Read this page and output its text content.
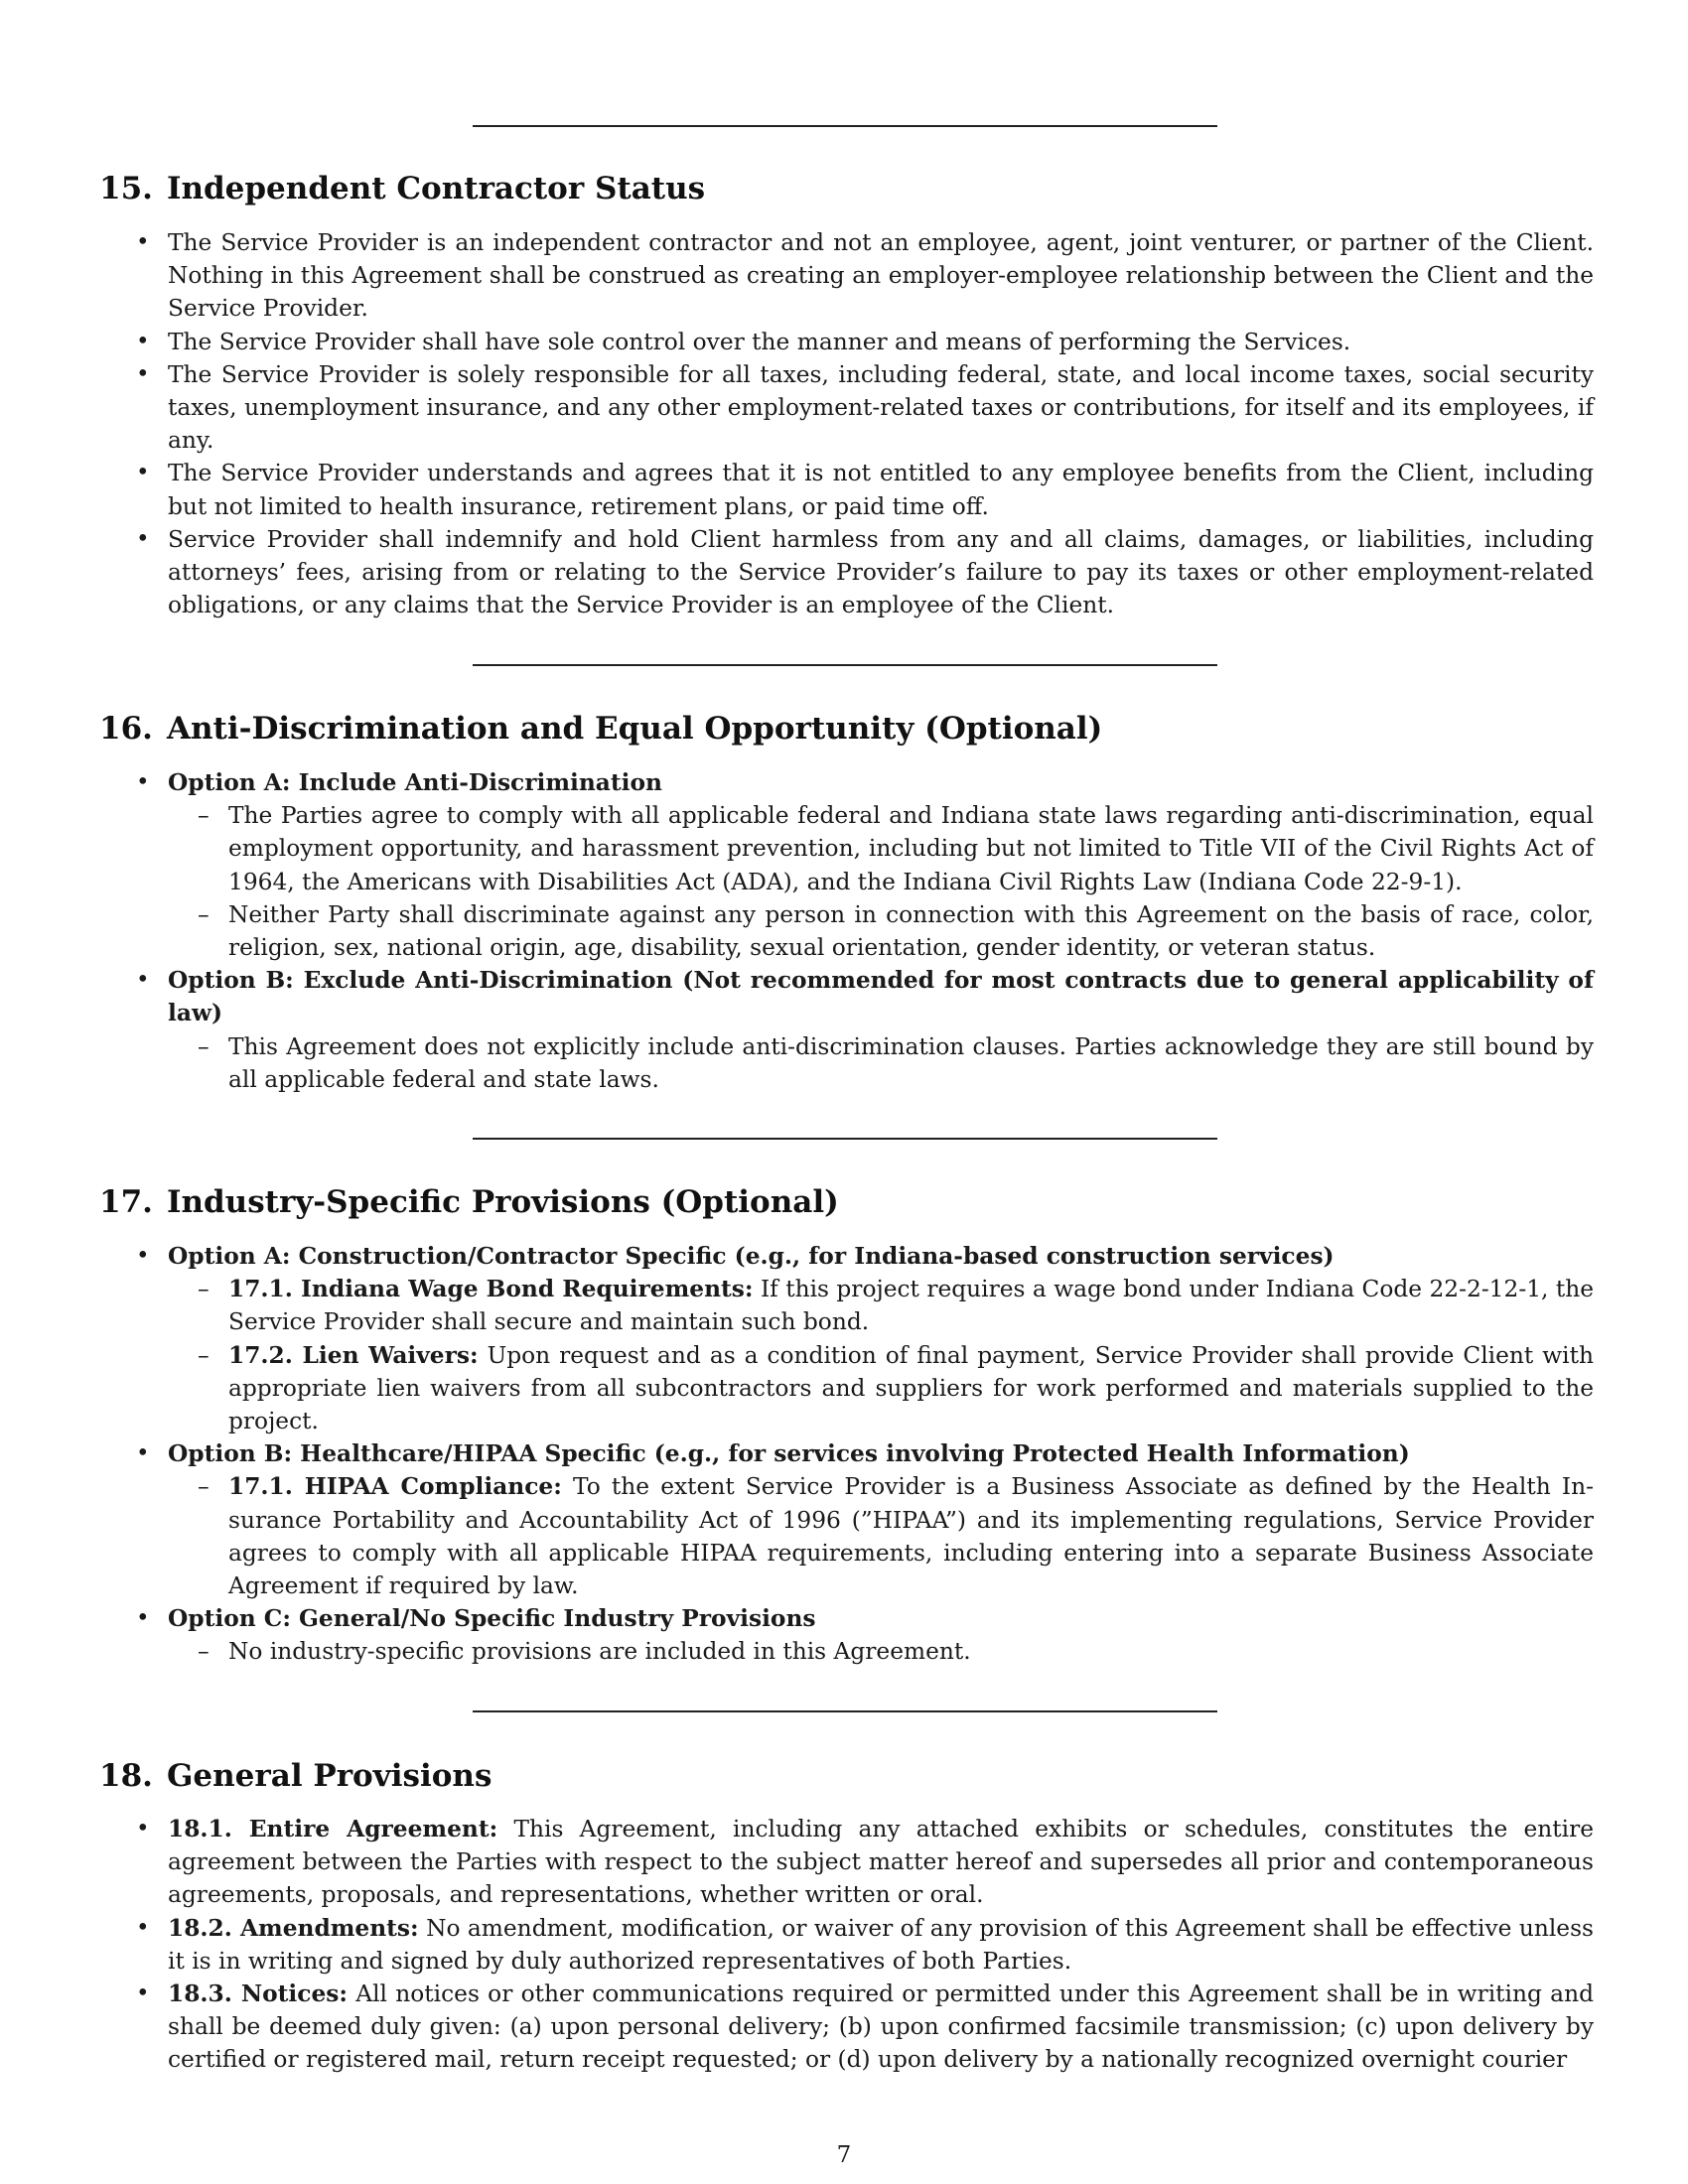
15. Independent Contractor Status
• The Service Provider is an independent contractor and not an employee, agent, joint venturer, or partner of the Client. Nothing in this Agreement shall be construed as creating an employer-employee relationship between the Client and the Service Provider.
• The Service Provider shall have sole control over the manner and means of performing the Services.
• The Service Provider is solely responsible for all taxes, including federal, state, and local income taxes, social security taxes, unemployment insurance, and any other employment-related taxes or contributions, for itself and its employees, if any.
• The Service Provider understands and agrees that it is not entitled to any employee benefits from the Client, including but not limited to health insurance, retirement plans, or paid time off.
• Service Provider shall indemnify and hold Client harmless from any and all claims, damages, or liabilities, including attorneys’ fees, arising from or relating to the Service Provider’s failure to pay its taxes or other employment-related obligations, or any claims that the Service Provider is an employee of the Client.
16. Anti-Discrimination and Equal Opportunity (Optional)
• Option A: Include Anti-Discrimination
– The Parties agree to comply with all applicable federal and Indiana state laws regarding anti-discrimination, equal employment opportunity, and harassment prevention, including but not limited to Title VII of the Civil Rights Act of 1964, the Americans with Disabilities Act (ADA), and the Indiana Civil Rights Law (Indiana Code 22-9-1).
– Neither Party shall discriminate against any person in connection with this Agreement on the basis of race, color, religion, sex, national origin, age, disability, sexual orientation, gender identity, or veteran status.
• Option B: Exclude Anti-Discrimination (Not recommended for most contracts due to general applicability of law)
– This Agreement does not explicitly include anti-discrimination clauses. Parties acknowledge they are still bound by all applicable federal and state laws.
17. Industry-Specific Provisions (Optional)
• Option A: Construction/Contractor Specific (e.g., for Indiana-based construction services)
– 17.1. Indiana Wage Bond Requirements: If this project requires a wage bond under Indiana Code 22-2-12-1, the Service Provider shall secure and maintain such bond.
– 17.2. Lien Waivers: Upon request and as a condition of final payment, Service Provider shall provide Client with appropriate lien waivers from all subcontractors and suppliers for work performed and materials supplied to the project.
• Option B: Healthcare/HIPAA Specific (e.g., for services involving Protected Health Information)
– 17.1. HIPAA Compliance: To the extent Service Provider is a Business Associate as defined by the Health Insurance Portability and Accountability Act of 1996 (”HIPAA”) and its implementing regulations, Service Provider agrees to comply with all applicable HIPAA requirements, including entering into a separate Business Associate Agreement if required by law.
• Option C: General/No Specific Industry Provisions
– No industry-specific provisions are included in this Agreement.
18. General Provisions
• 18.1. Entire Agreement: This Agreement, including any attached exhibits or schedules, constitutes the entire agreement between the Parties with respect to the subject matter hereof and supersedes all prior and contemporaneous agreements, proposals, and representations, whether written or oral.
• 18.2. Amendments: No amendment, modification, or waiver of any provision of this Agreement shall be effective unless it is in writing and signed by duly authorized representatives of both Parties.
• 18.3. Notices: All notices or other communications required or permitted under this Agreement shall be in writing and shall be deemed duly given: (a) upon personal delivery; (b) upon confirmed facsimile transmission; (c) upon delivery by certified or registered mail, return receipt requested; or (d) upon delivery by a nationally recognized overnight courier
7
